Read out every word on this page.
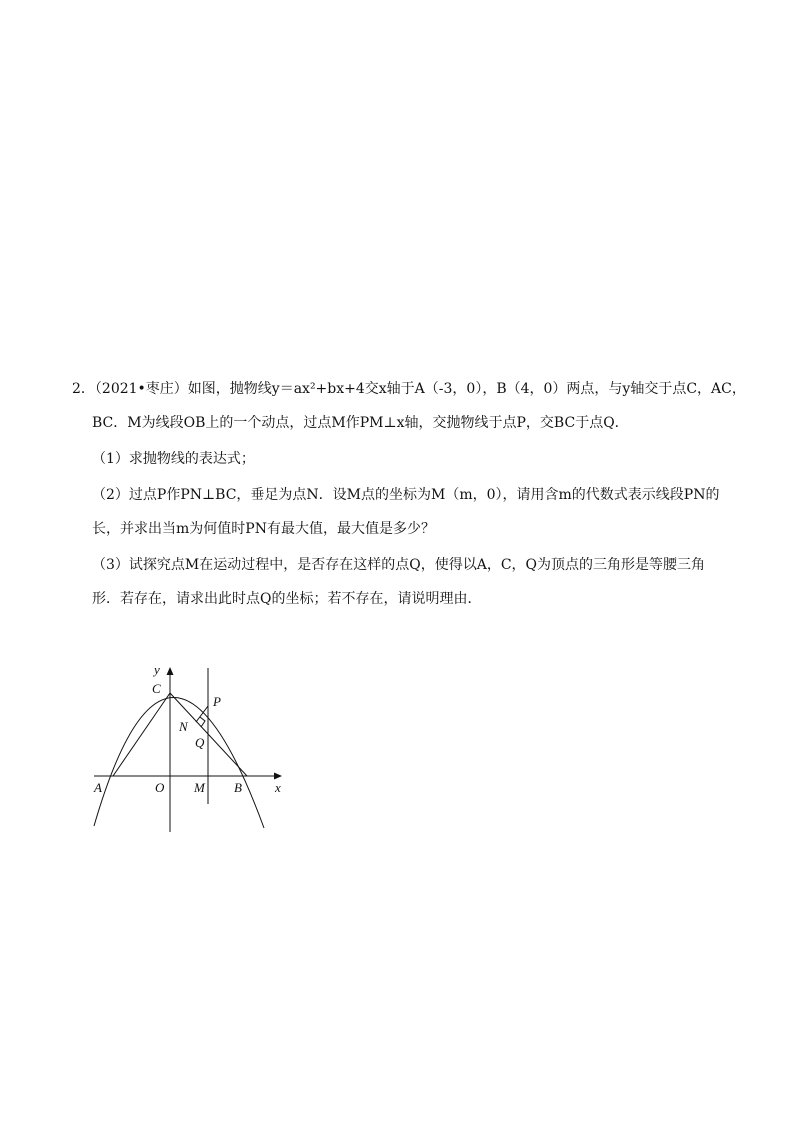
2．（2021•枣庄）如图，抛物线y＝ax²+bx+4交x轴于A（-3，0），B（4，0）两点，与y轴交于点C，AC，
BC．M为线段OB上的一个动点，过点M作PM⊥x轴，交抛物线于点P，交BC于点Q．
（1）求抛物线的表达式；
（2）过点P作PN⊥BC，垂足为点N．设M点的坐标为M（m，0），请用含m的代数式表示线段PN的
长，并求出当m为何值时PN有最大值，最大值是多少？
（3）试探究点M在运动过程中，是否存在这样的点Q，使得以A，C，Q为顶点的三角形是等腰三角
形．若存在，请求出此时点Q的坐标；若不存在，请说明理由．
y
C
P
N
Q
A	O M B	x
